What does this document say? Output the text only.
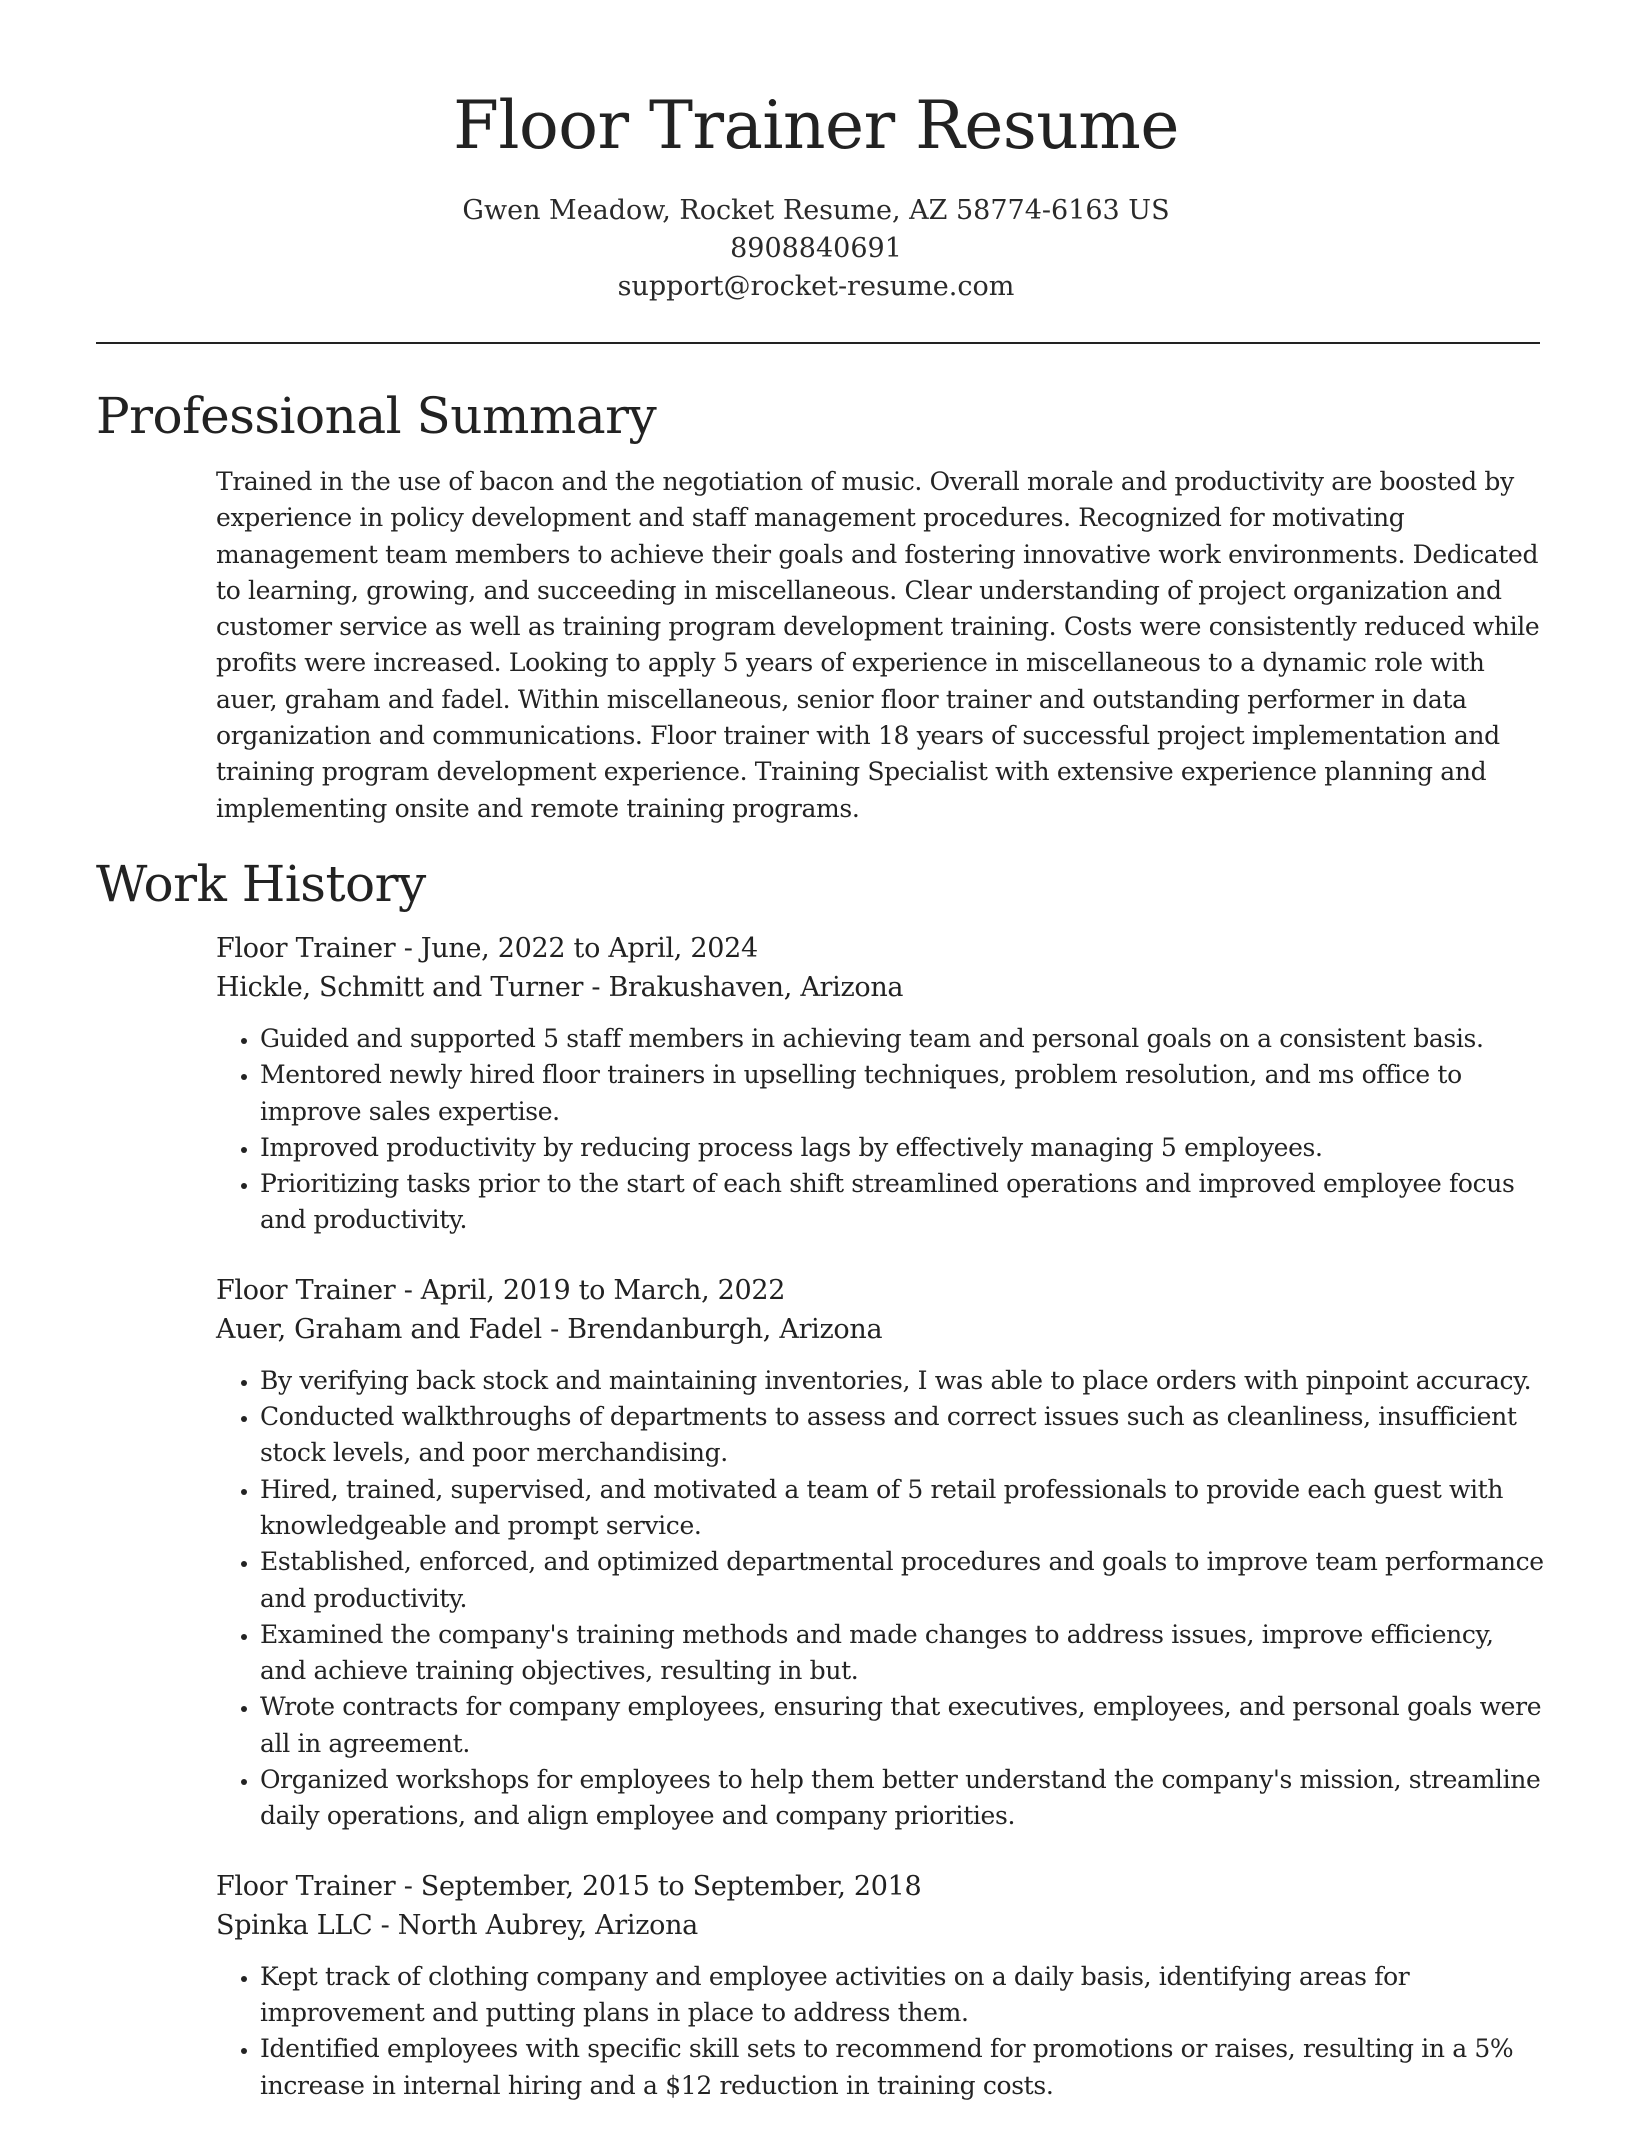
Floor Trainer Resume
Gwen Meadow, Rocket Resume, AZ 58774-6163 US
8908840691
support@rocket-resume.com
Professional Summary
Trained in the use of bacon and the negotiation of music. Overall morale and productivity are boosted by experience in policy development and staff management procedures. Recognized for motivating management team members to achieve their goals and fostering innovative work environments. Dedicated to learning, growing, and succeeding in miscellaneous. Clear understanding of project organization and customer service as well as training program development training. Costs were consistently reduced while profits were increased. Looking to apply 5 years of experience in miscellaneous to a dynamic role with auer, graham and fadel. Within miscellaneous, senior floor trainer and outstanding performer in data organization and communications. Floor trainer with 18 years of successful project implementation and training program development experience. Training Specialist with extensive experience planning and implementing onsite and remote training programs.
Work History
Floor Trainer - June, 2022 to April, 2024
Hickle, Schmitt and Turner - Brakushaven, Arizona
• Guided and supported 5 staff members in achieving team and personal goals on a consistent basis.
• Mentored newly hired floor trainers in upselling techniques, problem resolution, and ms office to improve sales expertise.
• Improved productivity by reducing process lags by effectively managing 5 employees.
• Prioritizing tasks prior to the start of each shift streamlined operations and improved employee focus and productivity.
Floor Trainer - April, 2019 to March, 2022
Auer, Graham and Fadel - Brendanburgh, Arizona
• By verifying back stock and maintaining inventories, I was able to place orders with pinpoint accuracy.
• Conducted walkthroughs of departments to assess and correct issues such as cleanliness, insufficient stock levels, and poor merchandising.
• Hired, trained, supervised, and motivated a team of 5 retail professionals to provide each guest with knowledgeable and prompt service.
• Established, enforced, and optimized departmental procedures and goals to improve team performance and productivity.
• Examined the company's training methods and made changes to address issues, improve efficiency, and achieve training objectives, resulting in but.
• Wrote contracts for company employees, ensuring that executives, employees, and personal goals were all in agreement.
• Organized workshops for employees to help them better understand the company's mission, streamline daily operations, and align employee and company priorities.
Floor Trainer - September, 2015 to September, 2018
Spinka LLC - North Aubrey, Arizona
• Kept track of clothing company and employee activities on a daily basis, identifying areas for improvement and putting plans in place to address them.
• Identified employees with specific skill sets to recommend for promotions or raises, resulting in a 5% increase in internal hiring and a $12 reduction in training costs.
